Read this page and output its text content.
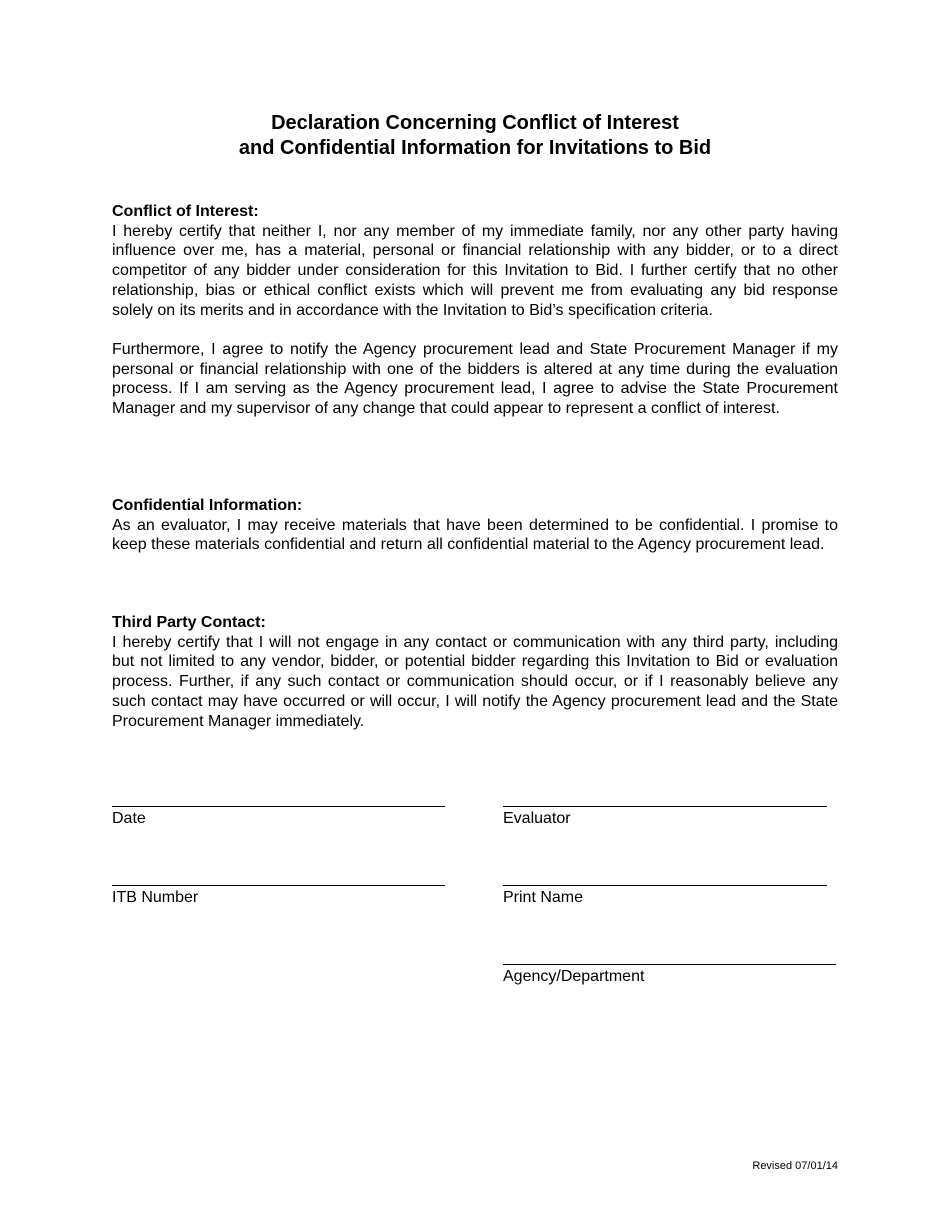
Declaration Concerning Conflict of Interest
and Confidential Information for Invitations to Bid
Conflict of Interest:
I hereby certify that neither I, nor any member of my immediate family, nor any other party having influence over me, has a material, personal or financial relationship with any bidder, or to a direct competitor of any bidder under consideration for this Invitation to Bid. I further certify that no other relationship, bias or ethical conflict exists which will prevent me from evaluating any bid response solely on its merits and in accordance with the Invitation to Bid’s specification criteria.
Furthermore, I agree to notify the Agency procurement lead and State Procurement Manager if my personal or financial relationship with one of the bidders is altered at any time during the evaluation process. If I am serving as the Agency procurement lead, I agree to advise the State Procurement Manager and my supervisor of any change that could appear to represent a conflict of interest.
Confidential Information:
As an evaluator, I may receive materials that have been determined to be confidential. I promise to keep these materials confidential and return all confidential material to the Agency procurement lead.
Third Party Contact:
I hereby certify that I will not engage in any contact or communication with any third party, including but not limited to any vendor, bidder, or potential bidder regarding this Invitation to Bid or evaluation process. Further, if any such contact or communication should occur, or if I reasonably believe any such contact may have occurred or will occur, I will notify the Agency procurement lead and the State Procurement Manager immediately.
Date	Evaluator
ITB Number	Print Name
Agency/Department
Revised 07/01/14
